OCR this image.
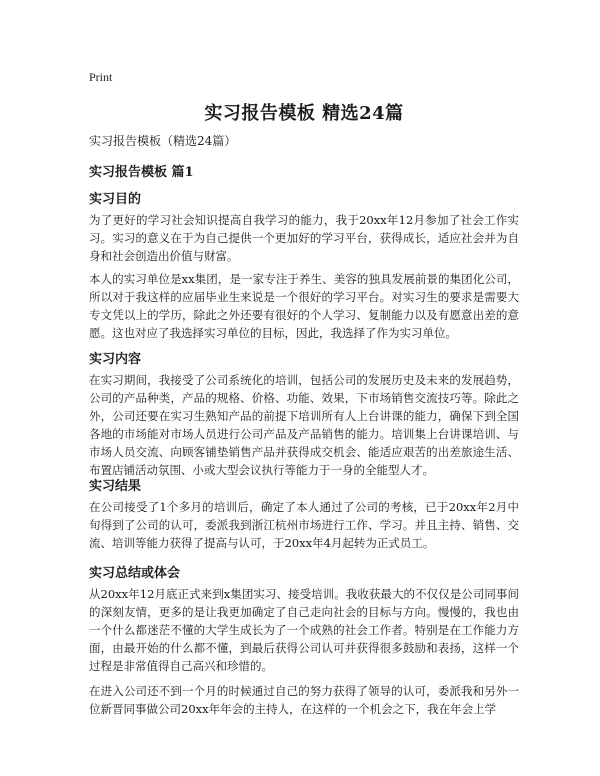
Print
实习报告模板 精选24篇

实习报告模板（精选24篇）

实习报告模板 篇1
实习目的

为了更好的学习社会知识提高自我学习的能力，我于20xx年12月参加了社会工作实习。实习的意义在于为自己提供一个更加好的学习平台，获得成长，适应社会并为自身和社会创造出价值与财富。

本人的实习单位是xx集团，是一家专注于养生、美容的独具发展前景的集团化公司，所以对于我这样的应届毕业生来说是一个很好的学习平台。对实习生的要求是需要大专文凭以上的学历，除此之外还要有很好的个人学习、复制能力以及有愿意出差的意愿。这也对应了我选择实习单位的目标，因此，我选择了作为实习单位。

实习内容

在实习期间，我接受了公司系统化的培训，包括公司的发展历史及未来的发展趋势，公司的产品种类，产品的规格、价格、功能、效果，下市场销售交流技巧等。除此之外，公司还要在实习生熟知产品的前提下培训所有人上台讲课的能力，确保下到全国各地的市场能对市场人员进行公司产品及产品销售的能力。培训集上台讲课培训、与市场人员交流、向顾客铺垫销售产品并获得成交机会、能适应艰苦的出差旅途生活、布置店铺活动氛围、小或大型会议执行等能力于一身的全能型人才。

实习结果

在公司接受了1个多月的培训后，确定了本人通过了公司的考核，已于20xx年2月中旬得到了公司的认可，委派我到浙江杭州市场进行工作、学习。并且主持、销售、交流、培训等能力获得了提高与认可，于20xx年4月起转为正式员工。

实习总结或体会

从20xx年12月底正式来到x集团实习、接受培训。我收获最大的不仅仅是公司同事间的深刻友情，更多的是让我更加确定了自己走向社会的目标与方向。慢慢的，我也由一个什么都迷茫不懂的大学生成长为了一个成熟的社会工作者。特别是在工作能力方面，由最开始的什么都不懂，到最后获得公司认可并获得很多鼓励和表扬，这样一个过程是非常值得自己高兴和珍惜的。

在进入公司还不到一个月的时候通过自己的努力获得了领导的认可，委派我和另外一位新晋同事做公司20xx年年会的主持人，在这样的一个机会之下，我在年会上学
